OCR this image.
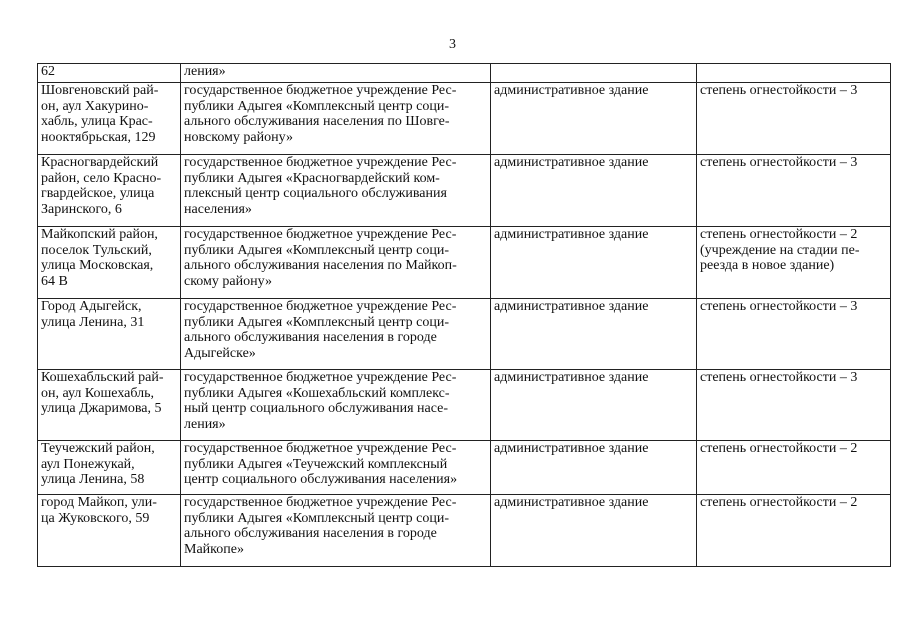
3
62	ления»		

Шовгеновский рай-
он, аул Хакурино-
хабль, улица Крас-
нооктябрьская, 129	государственное бюджетное учреждение Рес-
публики Адыгея «Комплексный центр соци-
ального обслуживания населения по Шовге-
новскому району»	административное здание	степень огнестойкости – 3

Красногвардейский
район, село Красно-
гвардейское, улица
Заринского, 6	государственное бюджетное учреждение Рес-
публики Адыгея «Красногвардейский ком-
плексный центр социального обслуживания
населения»	административное здание	степень огнестойкости – 3

Майкопский район,
поселок Тульский,
улица Московская,
64 В	государственное бюджетное учреждение Рес-
публики Адыгея «Комплексный центр соци-
ального обслуживания населения по Майкоп-
скому району»	административное здание	степень огнестойкости – 2
(учреждение на стадии пе-
реезда в новое здание)

Город Адыгейск,
улица Ленина, 31	государственное бюджетное учреждение Рес-
публики Адыгея «Комплексный центр соци-
ального обслуживания населения в городе
Адыгейске»	административное здание	степень огнестойкости – 3

Кошехабльский рай-
он, аул Кошехабль,
улица Джаримова, 5	государственное бюджетное учреждение Рес-
публики Адыгея «Кошехабльский комплекс-
ный центр социального обслуживания насе-
ления»	административное здание	степень огнестойкости – 3

Теучежский район,
аул Понежукай,
улица Ленина, 58	государственное бюджетное учреждение Рес-
публики Адыгея «Теучежский комплексный
центр социального обслуживания населения»	административное здание	степень огнестойкости – 2

город Майкоп, ули-
ца Жуковского, 59	государственное бюджетное учреждение Рес-
публики Адыгея «Комплексный центр соци-
ального обслуживания населения в городе
Майкопе»	административное здание	степень огнестойкости – 2
